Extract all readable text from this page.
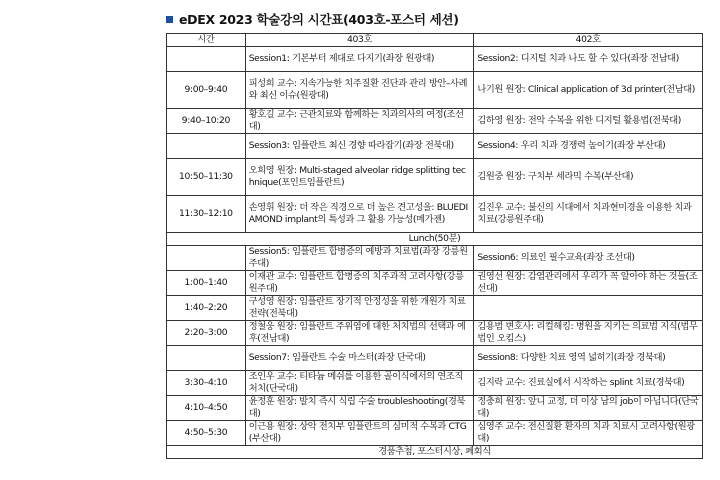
eDEX 2023 학술강의 시간표(403호-포스터 세션)
시간	403호	402호
	Session1: 기본부터 제대로 다지기(좌장 원광대)	Session2: 디지털 치과 나도 할 수 있다(좌장 전남대)
9:00–9:40	피성희 교수: 지속가능한 치주질환 진단과 관리 방안–사례와 최신 이슈(원광대)	나기원 원장: Clinical application of 3d printer(전남대)
9:40–10:20	황호길 교수: 근관치료와 함께하는 치과의사의 여정(조선대)	김하영 원장: 전악 수복을 위한 디지털 활용법(전북대)
	Session3: 임플란트 최신 경향 따라잡기(좌장 전북대)	Session4: 우리 치과 경쟁력 높이기(좌장 부산대)
10:50–11:30	오희영 원장: Multi-staged alveolar ridge splitting technique(포인트임플란트)	김원중 원장: 구치부 세라믹 수복(부산대)
11:30–12:10	손영휘 원장: 더 작은 직경으로 더 높은 견고성을: BLUEDIAMOND implant의 특성과 그 활용 가능성(메가젠)	김진우 교수: 불신의 시대에서 치과현미경을 이용한 치과치료(강릉원주대)
Lunch(50분)		
	Session5: 임플란트 합병증의 예방과 치료법(좌장 강릉원주대)	Session6: 의료인 필수교육(좌장 조선대)
1:00–1:40	이재관 교수: 임플란트 합병증의 치주과적 고려사항(강릉원주대)	권영선 원장: 감염관리에서 우리가 꼭 알아야 하는 것들(조선대)
1:40–2:20	구성영 원장: 임플란트 장기적 안정성을 위한 개원가 치료전략(전북대)	
2:20–3:00	정철웅 원장: 임플란트 주위염에 대한 처치법의 선택과 예후(전남대)	김용범 변호사: 리컬해킹: 병원을 지키는 의료법 지식(법무법인 오킴스)
	Session7: 임플란트 수술 마스터(좌장 단국대)	Session8: 다양한 치료 영역 넓히기(좌장 경북대)
3:30–4:10	조인우 교수: 티타늄 메쉬를 이용한 골이식에서의 연조직 처치(단국대)	김지락 교수: 진료실에서 시작하는 splint 치료(경북대)
4:10–4:50	윤정훈 원장: 발치 즉시 식립 수술 troubleshooting(경북대)	정충희 원장: 앞니 교정, 더 이상 남의 job이 아닙니다(단국대)
4:50–5:30	이근용 원장: 상악 전치부 임플란트의 심미적 수복과 CTG(부산대)	심영주 교수: 전신질환 환자의 치과 치료시 고려사항(원광대)
경품추첨, 포스터시상, 폐회식		
